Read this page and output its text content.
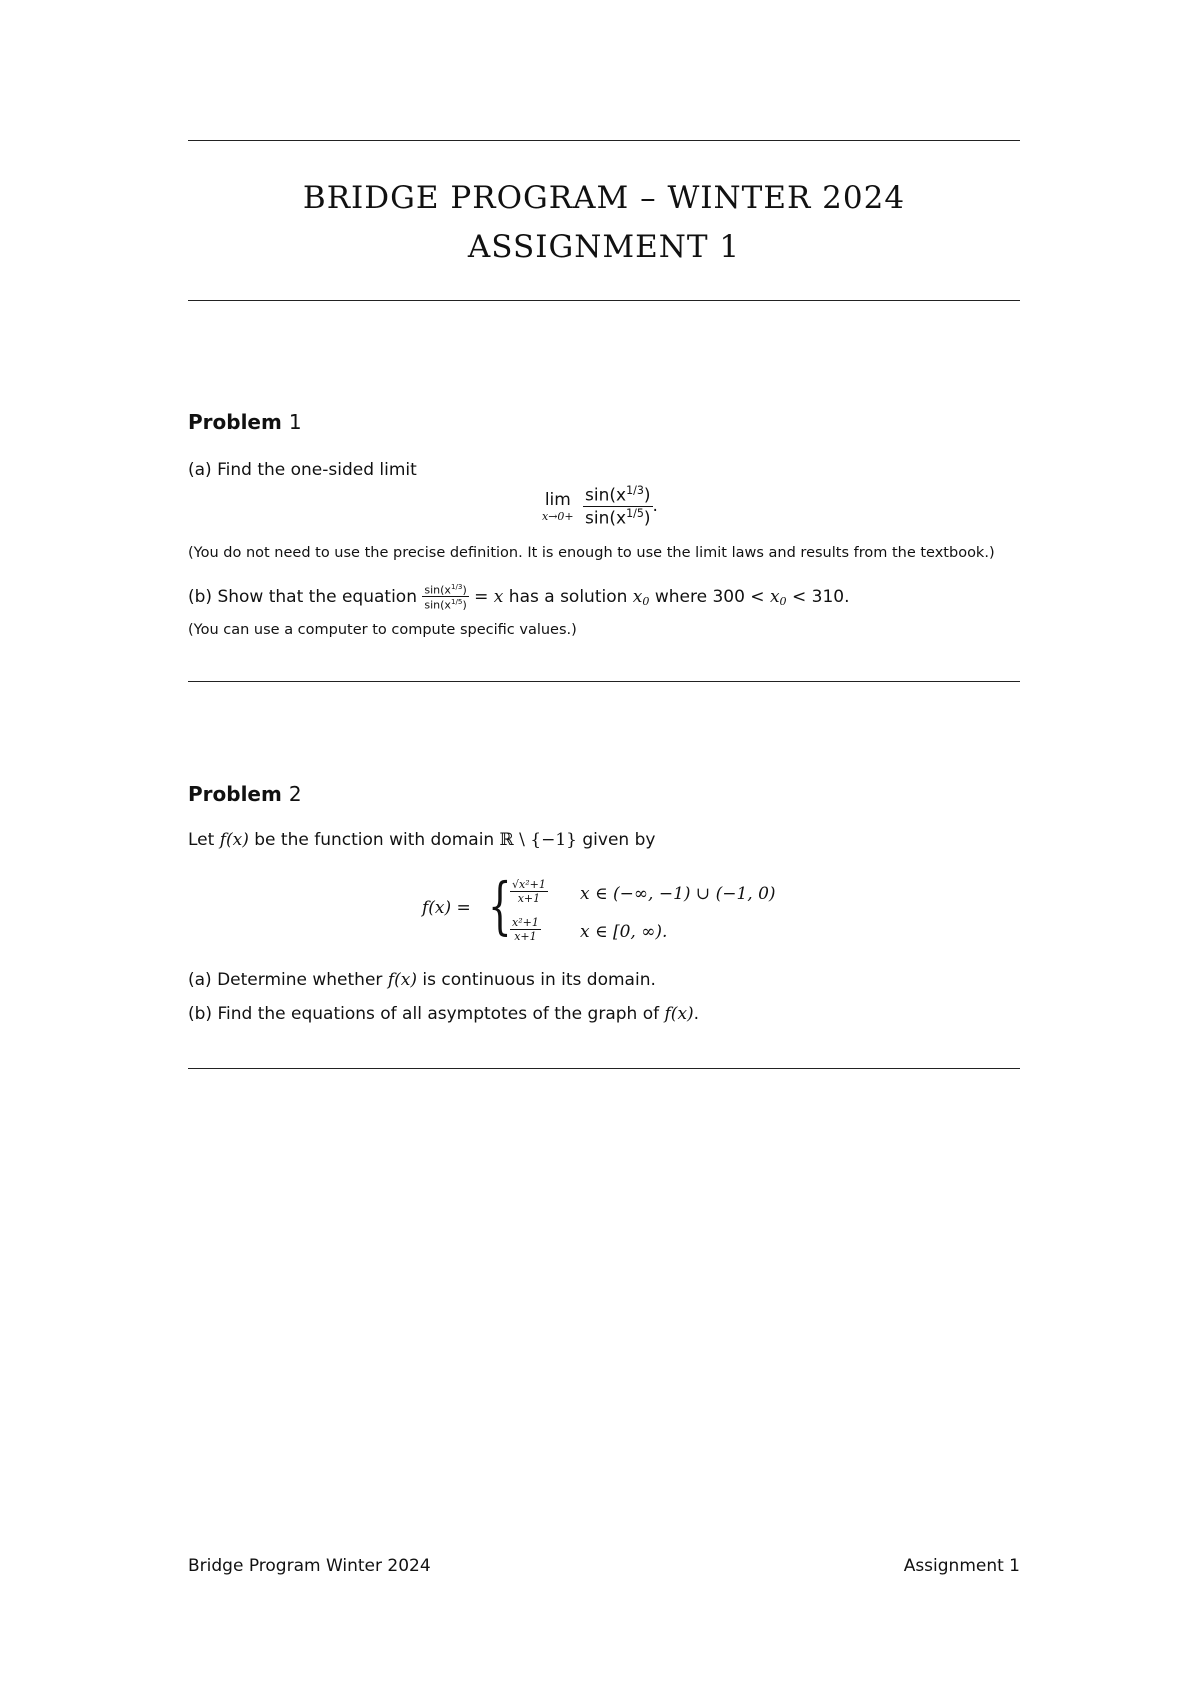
BRIDGE PROGRAM – WINTER 2024
ASSIGNMENT 1
Problem 1
(a) Find the one-sided limit
lim
x→0+
$\frac{\sin(x^{1/3})}{\sin(x^{1/5})}$ .
(You do not need to use the precise definition. It is enough to use the limit laws and results from the textbook.)
(b) Show that the equation $\frac{\sin(x^{1/3})}{\sin(x^{1/5})} = x$ has a solution $x_0$ where $300 < x_0 < 310$.
(You can use a computer to compute specific values.)
Problem 2
Let f(x) be the function with domain ℝ \ {−1} given by
f(x) = {
$\frac{\text{√x²+1}}{x+1}$ x ∈ (−∞, −1) ∪ (−1, 0)
$\frac{\text{x²+1}}{x+1}$ x ∈ [0, ∞).
(a) Determine whether f(x) is continuous in its domain.
(b) Find the equations of all asymptotes of the graph of f(x).
Bridge Program Winter 2024	Assignment 1
